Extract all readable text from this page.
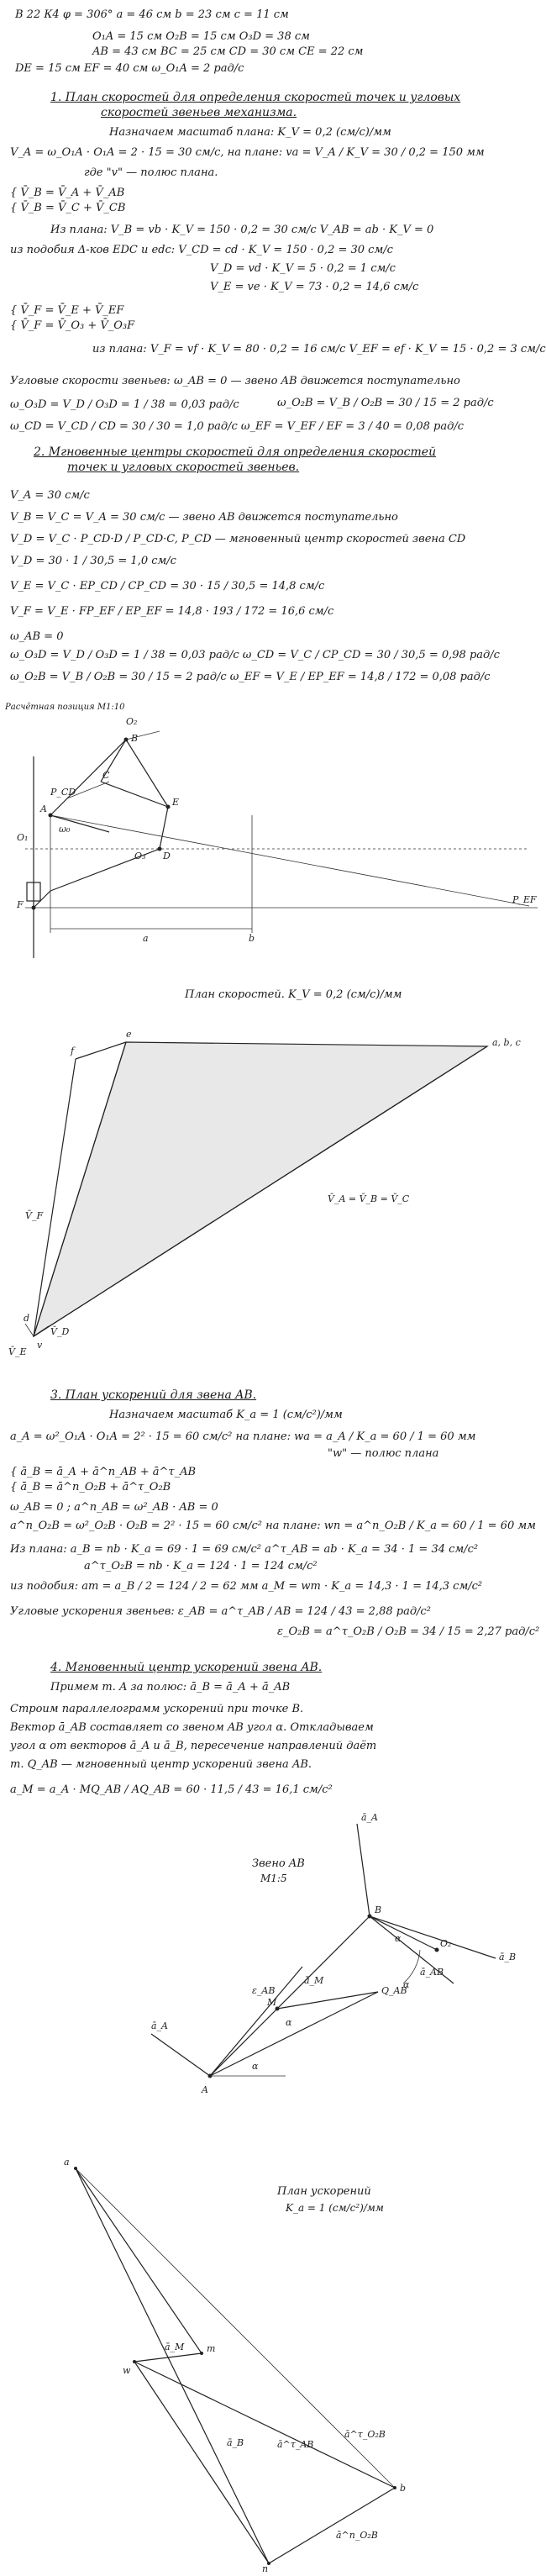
В 22 К4 φ = 306° a = 46 см b = 23 см c = 11 см
O₁A = 15 см O₂B = 15 см O₃D = 38 см
AB = 43 см BC = 25 см CD = 30 см CE = 22 см
DE = 15 см EF = 40 см ω_O₁A = 2 рад/с
1. План скоростей для определения скоростей точек и угловых
скоростей звеньев механизма.
Назначаем масштаб плана: K_V = 0,2 (см/с)/мм
V_A = ω_O₁A · O₁A = 2 · 15 = 30 см/с, на плане: va = V_A / K_V = 30 / 0,2 = 150 мм
где "v" — полюс плана.
{ V̄_B = V̄_A + V̄_AB
{ V̄_B = V̄_C + V̄_CB
Из плана: V_B = vb · K_V = 150 · 0,2 = 30 см/с V_AB = ab · K_V = 0
из подобия Δ-ков EDC и edc: V_CD = cd · K_V = 150 · 0,2 = 30 см/с
V_D = vd · K_V = 5 · 0,2 = 1 см/с
V_E = ve · K_V = 73 · 0,2 = 14,6 см/с
{ V̄_F = V̄_E + V̄_EF
{ V̄_F = V̄_O₃ + V̄_O₃F
из плана: V_F = vf · K_V = 80 · 0,2 = 16 см/с V_EF = ef · K_V = 15 · 0,2 = 3 см/с
Угловые скорости звеньев: ω_AB = 0 — звено AB движется поступательно
ω_O₂B = V_B / O₂B = 30 / 15 = 2 рад/с
ω_O₃D = V_D / O₃D = 1 / 38 = 0,03 рад/с
ω_CD = V_CD / CD = 30 / 30 = 1,0 рад/с ω_EF = V_EF / EF = 3 / 40 = 0,08 рад/с
2. Мгновенные центры скоростей для определения скоростей
точек и угловых скоростей звеньев.
V_A = 30 см/с
V_B = V_C = V_A = 30 см/с — звено AB движется поступательно
V_D = V_C · P_CD·D / P_CD·C, P_CD — мгновенный центр скоростей звена CD
V_D = 30 · 1 / 30,5 = 1,0 см/с
V_E = V_C · EP_CD / CP_CD = 30 · 15 / 30,5 = 14,8 см/с
V_F = V_E · FP_EF / EP_EF = 14,8 · 193 / 172 = 16,6 см/с
ω_AB = 0
ω_O₃D = V_D / O₃D = 1 / 38 = 0,03 рад/с ω_CD = V_C / CP_CD = 30 / 30,5 = 0,98 рад/с
ω_O₂B = V_B / O₂B = 30 / 15 = 2 рад/с ω_EF = V_E / EP_EF = 14,8 / 172 = 0,08 рад/с
Расчётная позиция M1:10
O₂
B
C
A
O₁
E
D
O₃
F
P_CD
P_EF
ω₀
a	b
План скоростей. K_V = 0,2 (см/с)/мм
f
e
a, b, c
V̄_F
V̄_A = V̄_B = V̄_C
d
v
V̄_D
V̄_E
3. План ускорений для звена AB.
Назначаем масштаб K_a = 1 (см/с²)/мм
a_A = ω²_O₁A · O₁A = 2² · 15 = 60 см/с² на плане: wa = a_A / K_a = 60 / 1 = 60 мм
"w" — полюс плана
{ ā_B = ā_A + ā^n_AB + ā^τ_AB
{ ā_B = ā^n_O₂B + ā^τ_O₂B
ω_AB = 0 ; a^n_AB = ω²_AB · AB = 0
a^n_O₂B = ω²_O₂B · O₂B = 2² · 15 = 60 см/с² на плане: wn = a^n_O₂B / K_a = 60 / 1 = 60 мм
Из плана: a_B = nb · K_a = 69 · 1 = 69 см/с² a^τ_AB = ab · K_a = 34 · 1 = 34 см/с²
a^τ_O₂B = nb · K_a = 124 · 1 = 124 см/с²
из подобия: am = a_B / 2 = 124 / 2 = 62 мм a_M = wm · K_a = 14,3 · 1 = 14,3 см/с²
Угловые ускорения звеньев: ε_AB = a^τ_AB / AB = 124 / 43 = 2,88 рад/с²
ε_O₂B = a^τ_O₂B / O₂B = 34 / 15 = 2,27 рад/с²
4. Мгновенный центр ускорений звена AB.
Примем т. A за полюс: ā_B = ā_A + ā_AB
Строим параллелограмм ускорений при точке B.
Вектор ā_AB составляет со звеном AB угол α. Откладываем
угол α от векторов ā_A и ā_B, пересечение направлений даёт
т. Q_AB — мгновенный центр ускорений звена AB.
a_M = a_A · MQ_AB / AQ_AB = 60 · 11,5 / 43 = 16,1 см/с²
Звено AB
M1:5
ā_A
B
ā_B
O₂
ā_AB
ε_AB
M
ā_M
Q_AB
ā_A
α
A
α
α
α
План ускорений
K_a = 1 (см/с²)/мм
a
m
ā_M
w
ā_B	ā^τ_AB
ā^τ_O₂B
b
ā^n_O₂B
n
